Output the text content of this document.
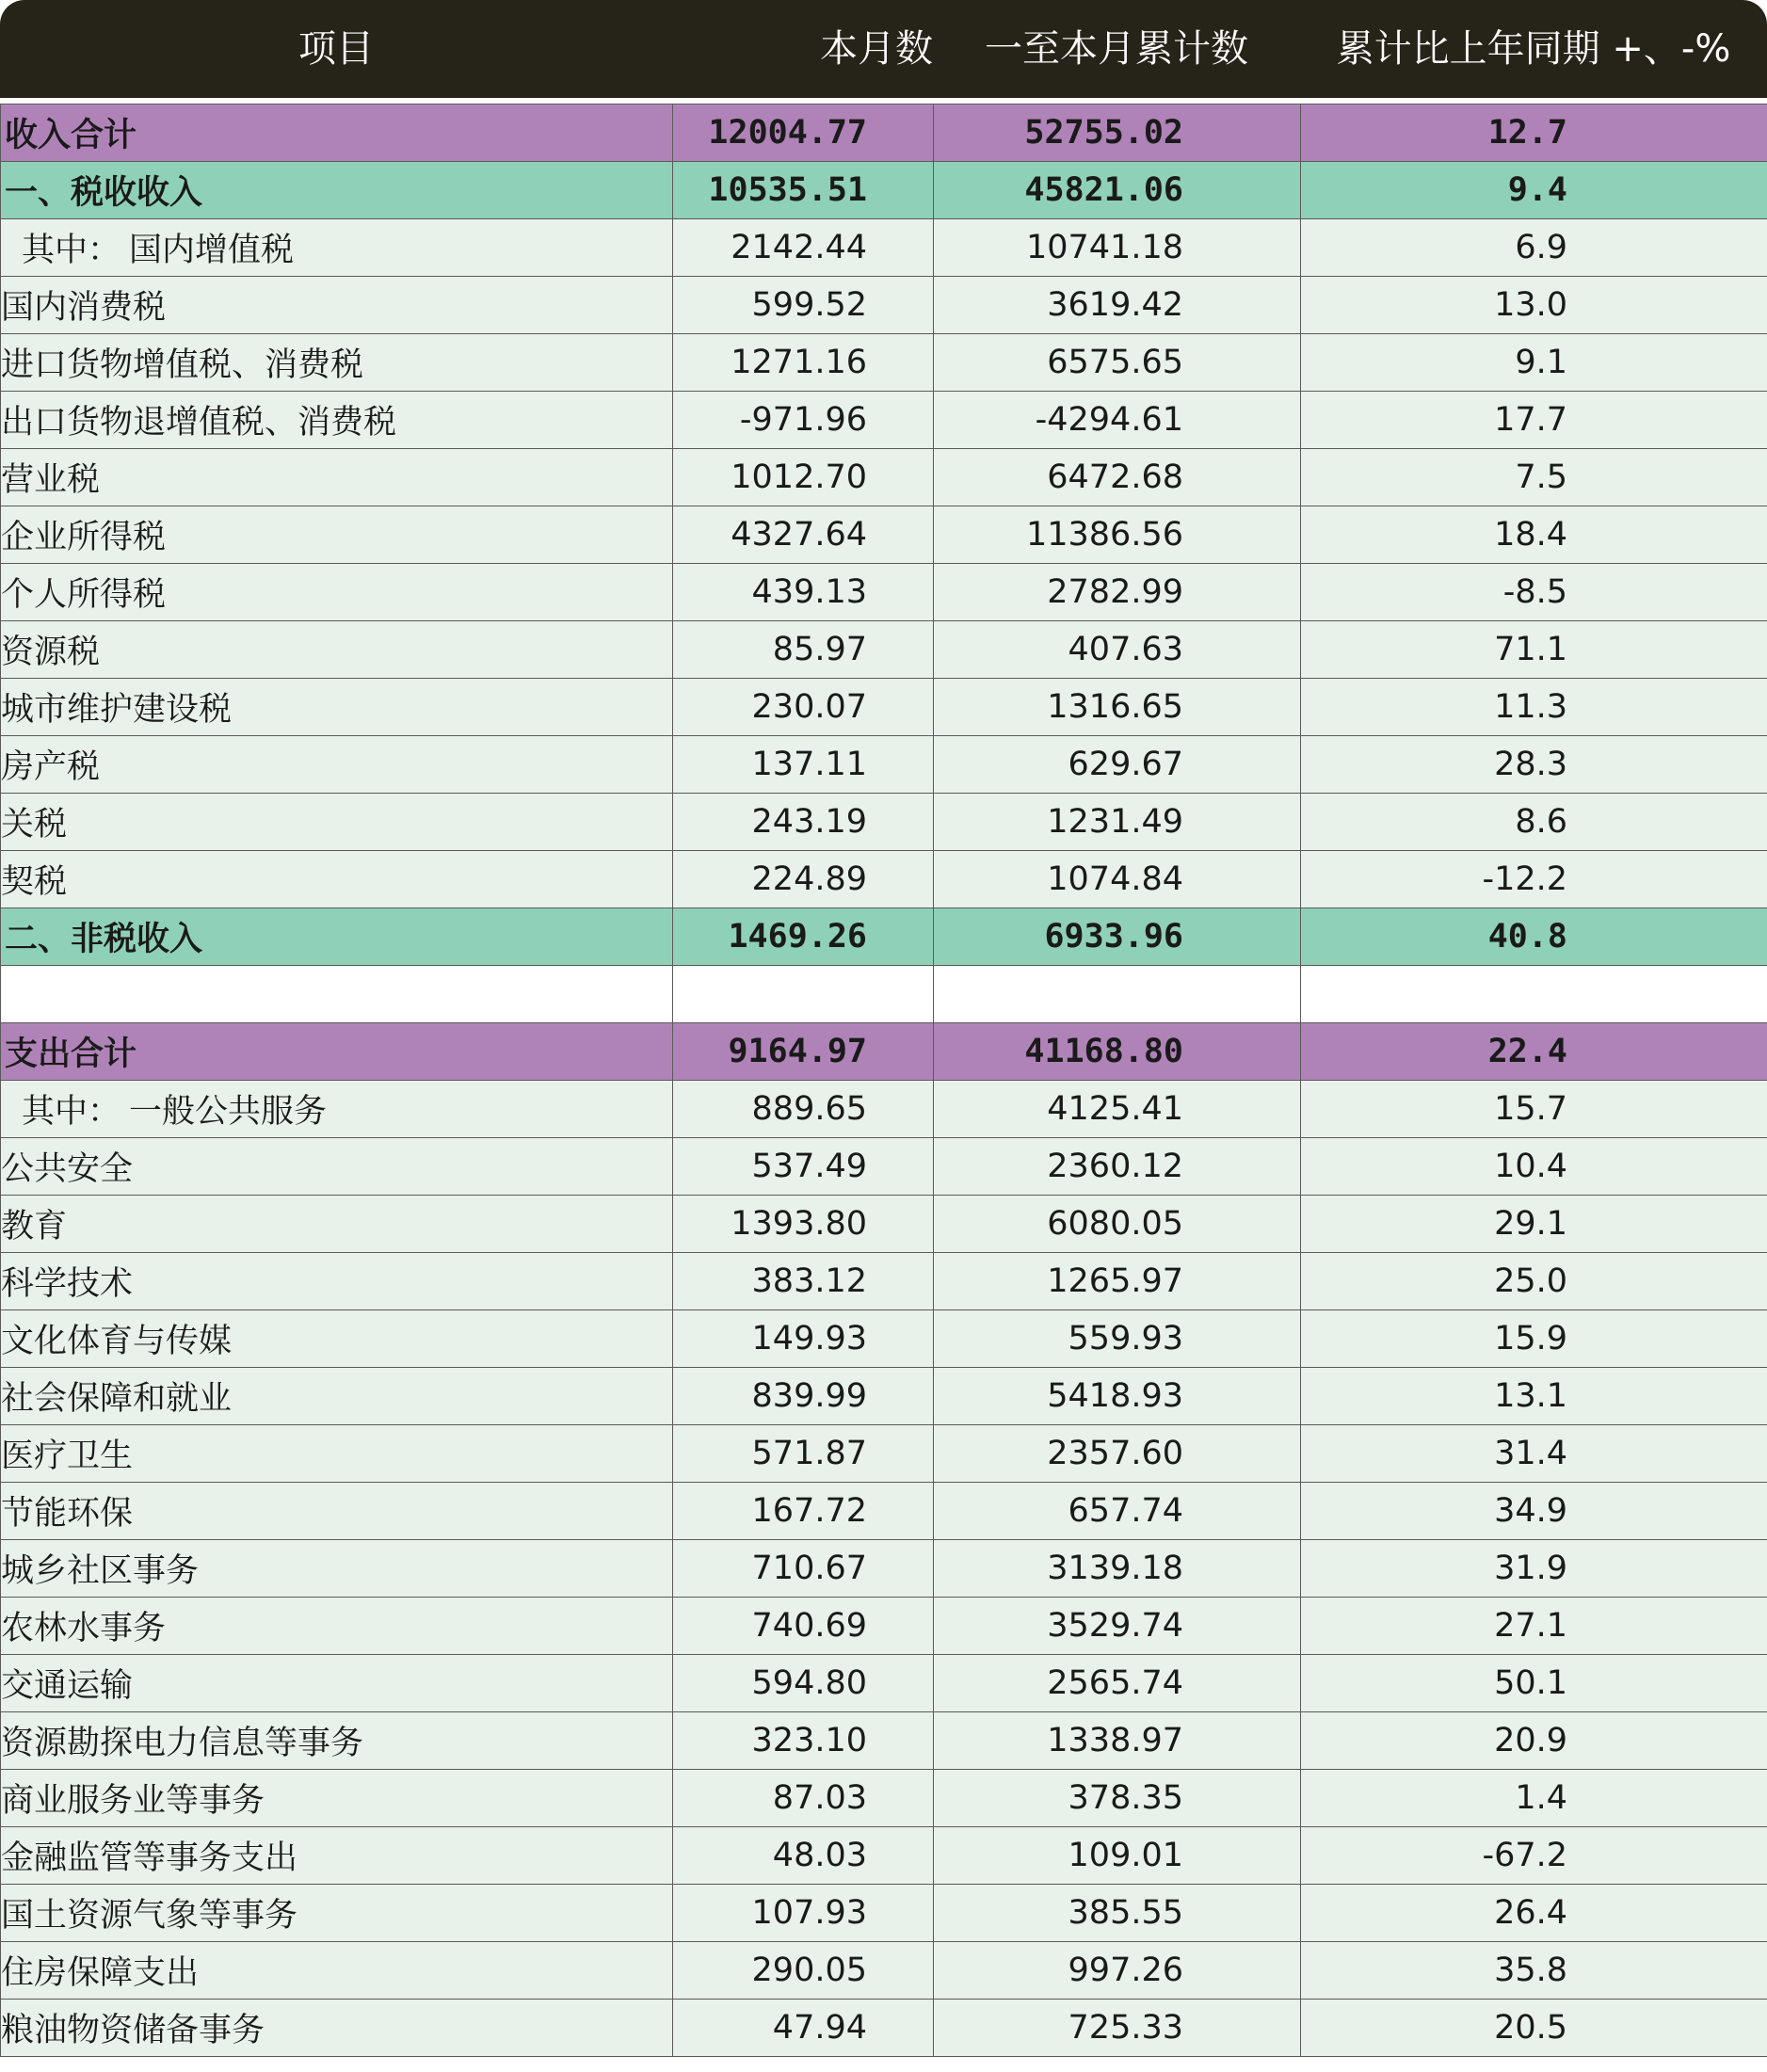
项目	本月数	一至本月累计数	累计比上年同期 +、-%
收入合计	12004.77	52755.02	12.7
一、税收收入	10535.51	45821.06	9.4
其中： 国内增值税	2142.44	10741.18	6.9
国内消费税	599.52	3619.42	13.0
进口货物增值税、消费税	1271.16	6575.65	9.1
出口货物退增值税、消费税	-971.96	-4294.61	17.7
营业税	1012.70	6472.68	7.5
企业所得税	4327.64	11386.56	18.4
个人所得税	439.13	2782.99	-8.5
资源税	85.97	407.63	71.1
城市维护建设税	230.07	1316.65	11.3
房产税	137.11	629.67	28.3
关税	243.19	1231.49	8.6
契税	224.89	1074.84	-12.2
二、非税收入	1469.26	6933.96	40.8

支出合计	9164.97	41168.80	22.4
其中： 一般公共服务	889.65	4125.41	15.7
公共安全	537.49	2360.12	10.4
教育	1393.80	6080.05	29.1
科学技术	383.12	1265.97	25.0
文化体育与传媒	149.93	559.93	15.9
社会保障和就业	839.99	5418.93	13.1
医疗卫生	571.87	2357.60	31.4
节能环保	167.72	657.74	34.9
城乡社区事务	710.67	3139.18	31.9
农林水事务	740.69	3529.74	27.1
交通运输	594.80	2565.74	50.1
资源勘探电力信息等事务	323.10	1338.97	20.9
商业服务业等事务	87.03	378.35	1.4
金融监管等事务支出	48.03	109.01	-67.2
国土资源气象等事务	107.93	385.55	26.4
住房保障支出	290.05	997.26	35.8
粮油物资储备事务	47.94	725.33	20.5
